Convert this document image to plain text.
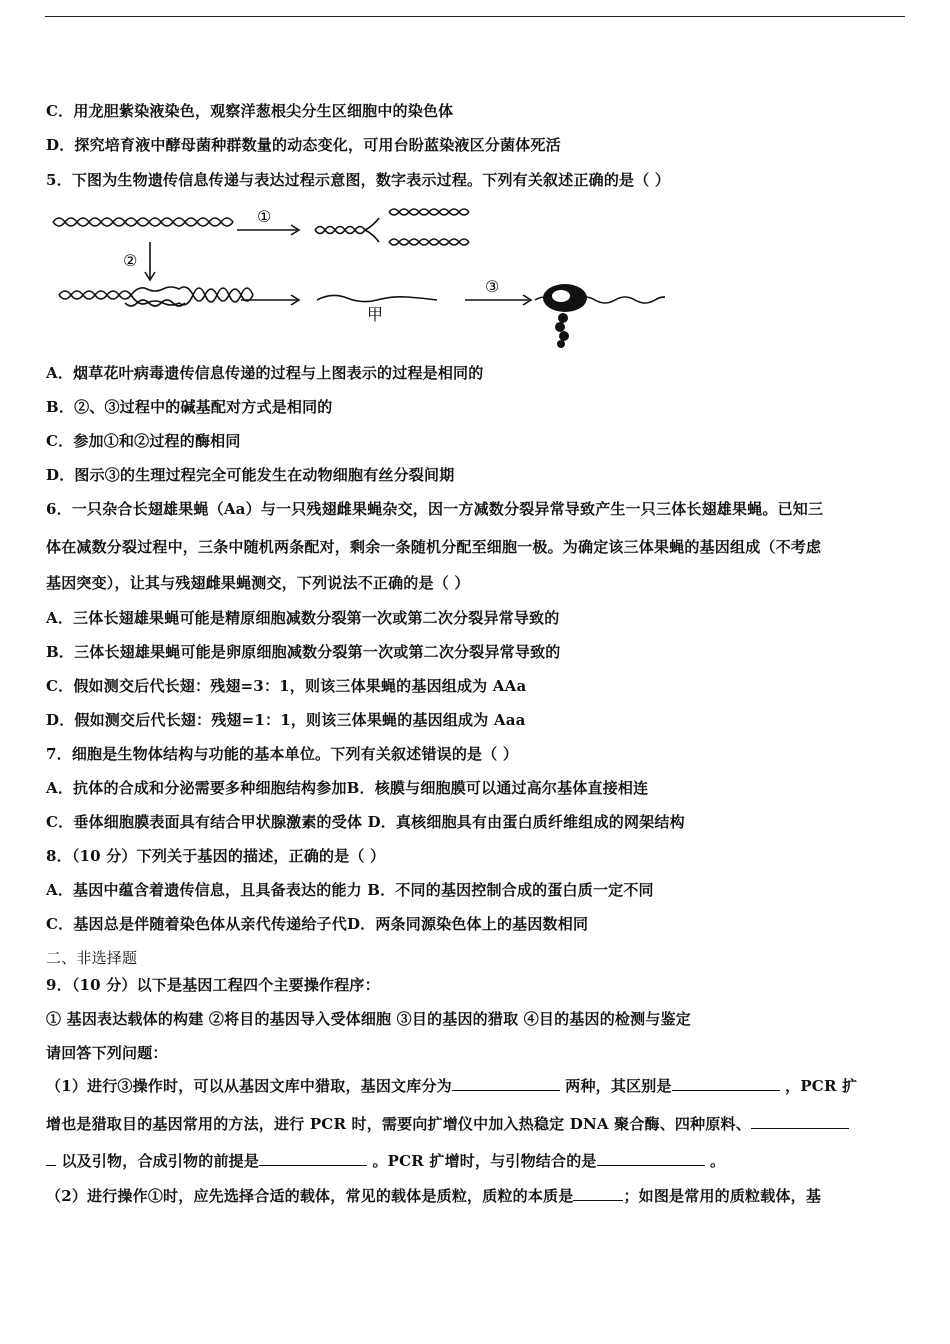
C．用龙胆紫染液染色，观察洋葱根尖分生区细胞中的染色体
D．探究培育液中酵母菌种群数量的动态变化，可用台盼蓝染液区分菌体死活
5．下图为生物遗传信息传递与表达过程示意图，数字表示过程。下列有关叙述正确的是（ ）
①
②
③
甲
A．烟草花叶病毒遗传信息传递的过程与上图表示的过程是相同的
B．②、③过程中的碱基配对方式是相同的
C．参加①和②过程的酶相同
D．图示③的生理过程完全可能发生在动物细胞有丝分裂间期
6．一只杂合长翅雄果蝇（Aa）与一只残翅雌果蝇杂交，因一方减数分裂异常导致产生一只三体长翅雄果蝇。已知三
体在减数分裂过程中，三条中随机两条配对，剩余一条随机分配至细胞一极。为确定该三体果蝇的基因组成（不考虑
基因突变），让其与残翅雌果蝇测交，下列说法不正确的是（ ）
A．三体长翅雄果蝇可能是精原细胞减数分裂第一次或第二次分裂异常导致的
B．三体长翅雄果蝇可能是卵原细胞减数分裂第一次或第二次分裂异常导致的
C．假如测交后代长翅：残翅=3：1，则该三体果蝇的基因组成为 AAa
D．假如测交后代长翅：残翅=1：1，则该三体果蝇的基因组成为 Aaa
7．细胞是生物体结构与功能的基本单位。下列有关叙述错误的是（ ）
A．抗体的合成和分泌需要多种细胞结构参加B．核膜与细胞膜可以通过高尔基体直接相连
C．垂体细胞膜表面具有结合甲状腺激素的受体 D．真核细胞具有由蛋白质纤维组成的网架结构
8．（10 分）下列关于基因的描述，正确的是（ ）
A．基因中蕴含着遗传信息，且具备表达的能力 B．不同的基因控制合成的蛋白质一定不同
C．基因总是伴随着染色体从亲代传递给子代D．两条同源染色体上的基因数相同
二、非选择题
9．（10 分）以下是基因工程四个主要操作程序：
① 基因表达载体的构建 ②将目的基因导入受体细胞 ③目的基因的猎取 ④目的基因的检测与鉴定
请回答下列问题：
（1）进行③操作时，可以从基因文库中猎取，基因文库分为	两种，其区别是	，PCR 扩
增也是猎取目的基因常用的方法，进行 PCR 时，需要向扩增仪中加入热稳定 DNA 聚合酶、四种原料、
以及引物，合成引物的前提是	。PCR 扩增时，与引物结合的是	。
（2）进行操作①时，应先选择合适的载体，常见的载体是质粒，质粒的本质是	；如图是常用的质粒载体，基
